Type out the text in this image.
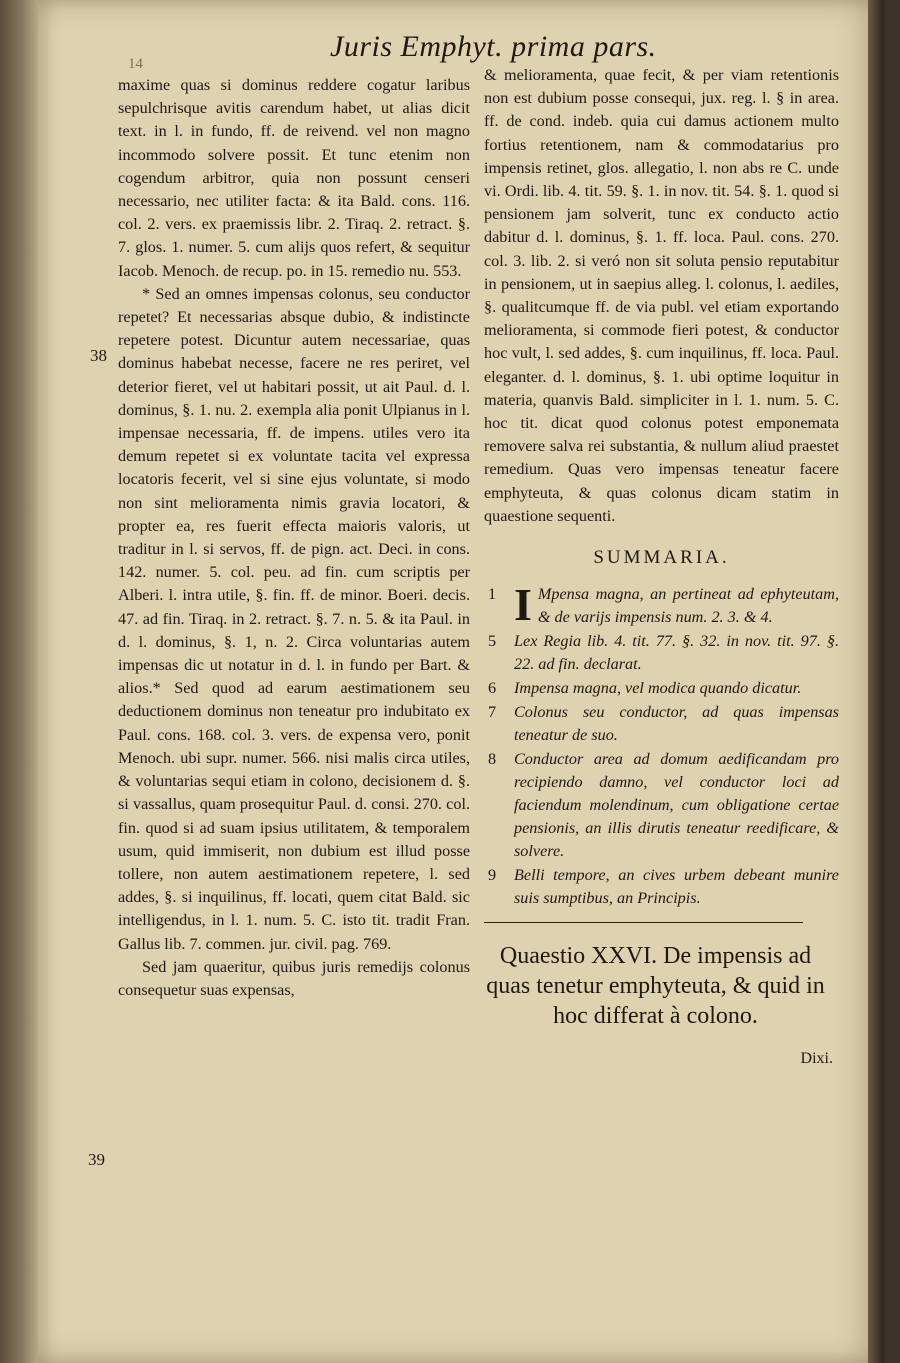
Juris Emphyt. prima pars.
14
38
39

maxime quas si dominus reddere cogatur laribus sepulchrisque avitis carendum habet, ut alias dicit text. in l. in fundo, ff. de reivend. vel non magno incommodo solvere possit. Et tunc etenim non cogendum arbitror, quia non possunt censeri necessario, nec utiliter facta: & ita Bald. cons. 116. col. 2. vers. ex praemissis libr. 2. Tiraq. 2. retract. §. 7. glos. 1. numer. 5. cum alijs quos refert, & sequitur Iacob. Menoch. de recup. po. in 15. remedio nu. 553.

* Sed an omnes impensas colonus, seu conductor repetet? Et necessarias absque dubio, & indistincte repetere potest. Dicuntur autem necessariae, quas dominus habebat necesse, facere ne res periret, vel deterior fieret, vel ut habitari possit, ut ait Paul. d. l. dominus, §. 1. nu. 2. exempla alia ponit Ulpianus in l. impensae necessaria, ff. de impens. utiles vero ita demum repetet si ex voluntate tacita vel expressa locatoris fecerit, vel si sine ejus voluntate, si modo non sint melioramenta nimis gravia locatori, & propter ea, res fuerit effecta maioris valoris, ut traditur in l. si servos, ff. de pign. act. Deci. in cons. 142. numer. 5. col. peu. ad fin. cum scriptis per Alberi. l. intra utile, §. fin. ff. de minor. Boeri. decis. 47. ad fin. Tiraq. in 2. retract. §. 7. n. 5. & ita Paul. in d. l. dominus, §. 1, n. 2. Circa voluntarias autem impensas dic ut notatur in d. l. in fundo per Bart. & alios.* Sed quod ad earum aestimationem seu deductionem dominus non teneatur pro indubitato ex Paul. cons. 168. col. 3. vers. de expensa vero, ponit Menoch. ubi supr. numer. 566. nisi malis circa utiles, & voluntarias sequi etiam in colono, decisionem d. §. si vassallus, quam prosequitur Paul. d. consi. 270. col. fin. quod si ad suam ipsius utilitatem, & temporalem usum, quid immiserit, non dubium est illud posse tollere, non autem aestimationem repetere, l. sed addes, §. si inquilinus, ff. locati, quem citat Bald. sic intelligendus, in l. 1. num. 5. C. isto tit. tradit Fran. Gallus lib. 7. commen. jur. civil. pag. 769.

Sed jam quaeritur, quibus juris remedijs colonus consequetur suas expensas,

& melioramenta, quae fecit, & per viam retentionis non est dubium posse consequi, jux. reg. l. § in area. ff. de cond. indeb. quia cui damus actionem multo fortius retentionem, nam & commodatarius pro impensis retinet, glos. allegatio, l. non abs re C. unde vi. Ordi. lib. 4. tit. 59. §. 1. in nov. tit. 54. §. 1. quod si pensionem jam solverit, tunc ex conducto actio dabitur d. l. dominus, §. 1. ff. loca. Paul. cons. 270. col. 3. lib. 2. si veró non sit soluta pensio reputabitur in pensionem, ut in saepius alleg. l. colonus, l. aediles, §. qualitcumque ff. de via publ. vel etiam exportando melioramenta, si commode fieri potest, & conductor hoc vult, l. sed addes, §. cum inquilinus, ff. loca. Paul. eleganter. d. l. dominus, §. 1. ubi optime loquitur in materia, quanvis Bald. simpliciter in l. 1. num. 5. C. hoc tit. dicat quod colonus potest emponemata removere salva rei substantia, & nullum aliud praestet remedium. Quas vero impensas teneatur facere emphyteuta, & quas colonus dicam statim in quaestione sequenti.

SUMMARIA.
1 I Mpensa magna, an pertineat ad ephyteutam, & de varijs impensis num. 2. 3. & 4.
5	Lex Regia lib. 4. tit. 77. §. 32. in nov. tit. 97. §. 22. ad fin. declarat.
6	Impensa magna, vel modica quando dicatur.
7	Colonus seu conductor, ad quas impensas teneatur de suo.
8	Conductor area ad domum aedificandam pro recipiendo damno, vel conductor loci ad faciendum molendinum, cum obligatione certae pensionis, an illis dirutis teneatur reedificare, & solvere.
9	Belli tempore, an cives urbem debeant munire suis sumptibus, an Principis.
Quaestio XXVI. De impensis ad quas tenetur emphyteuta, & quid in hoc differat à colono.
Dixi.
